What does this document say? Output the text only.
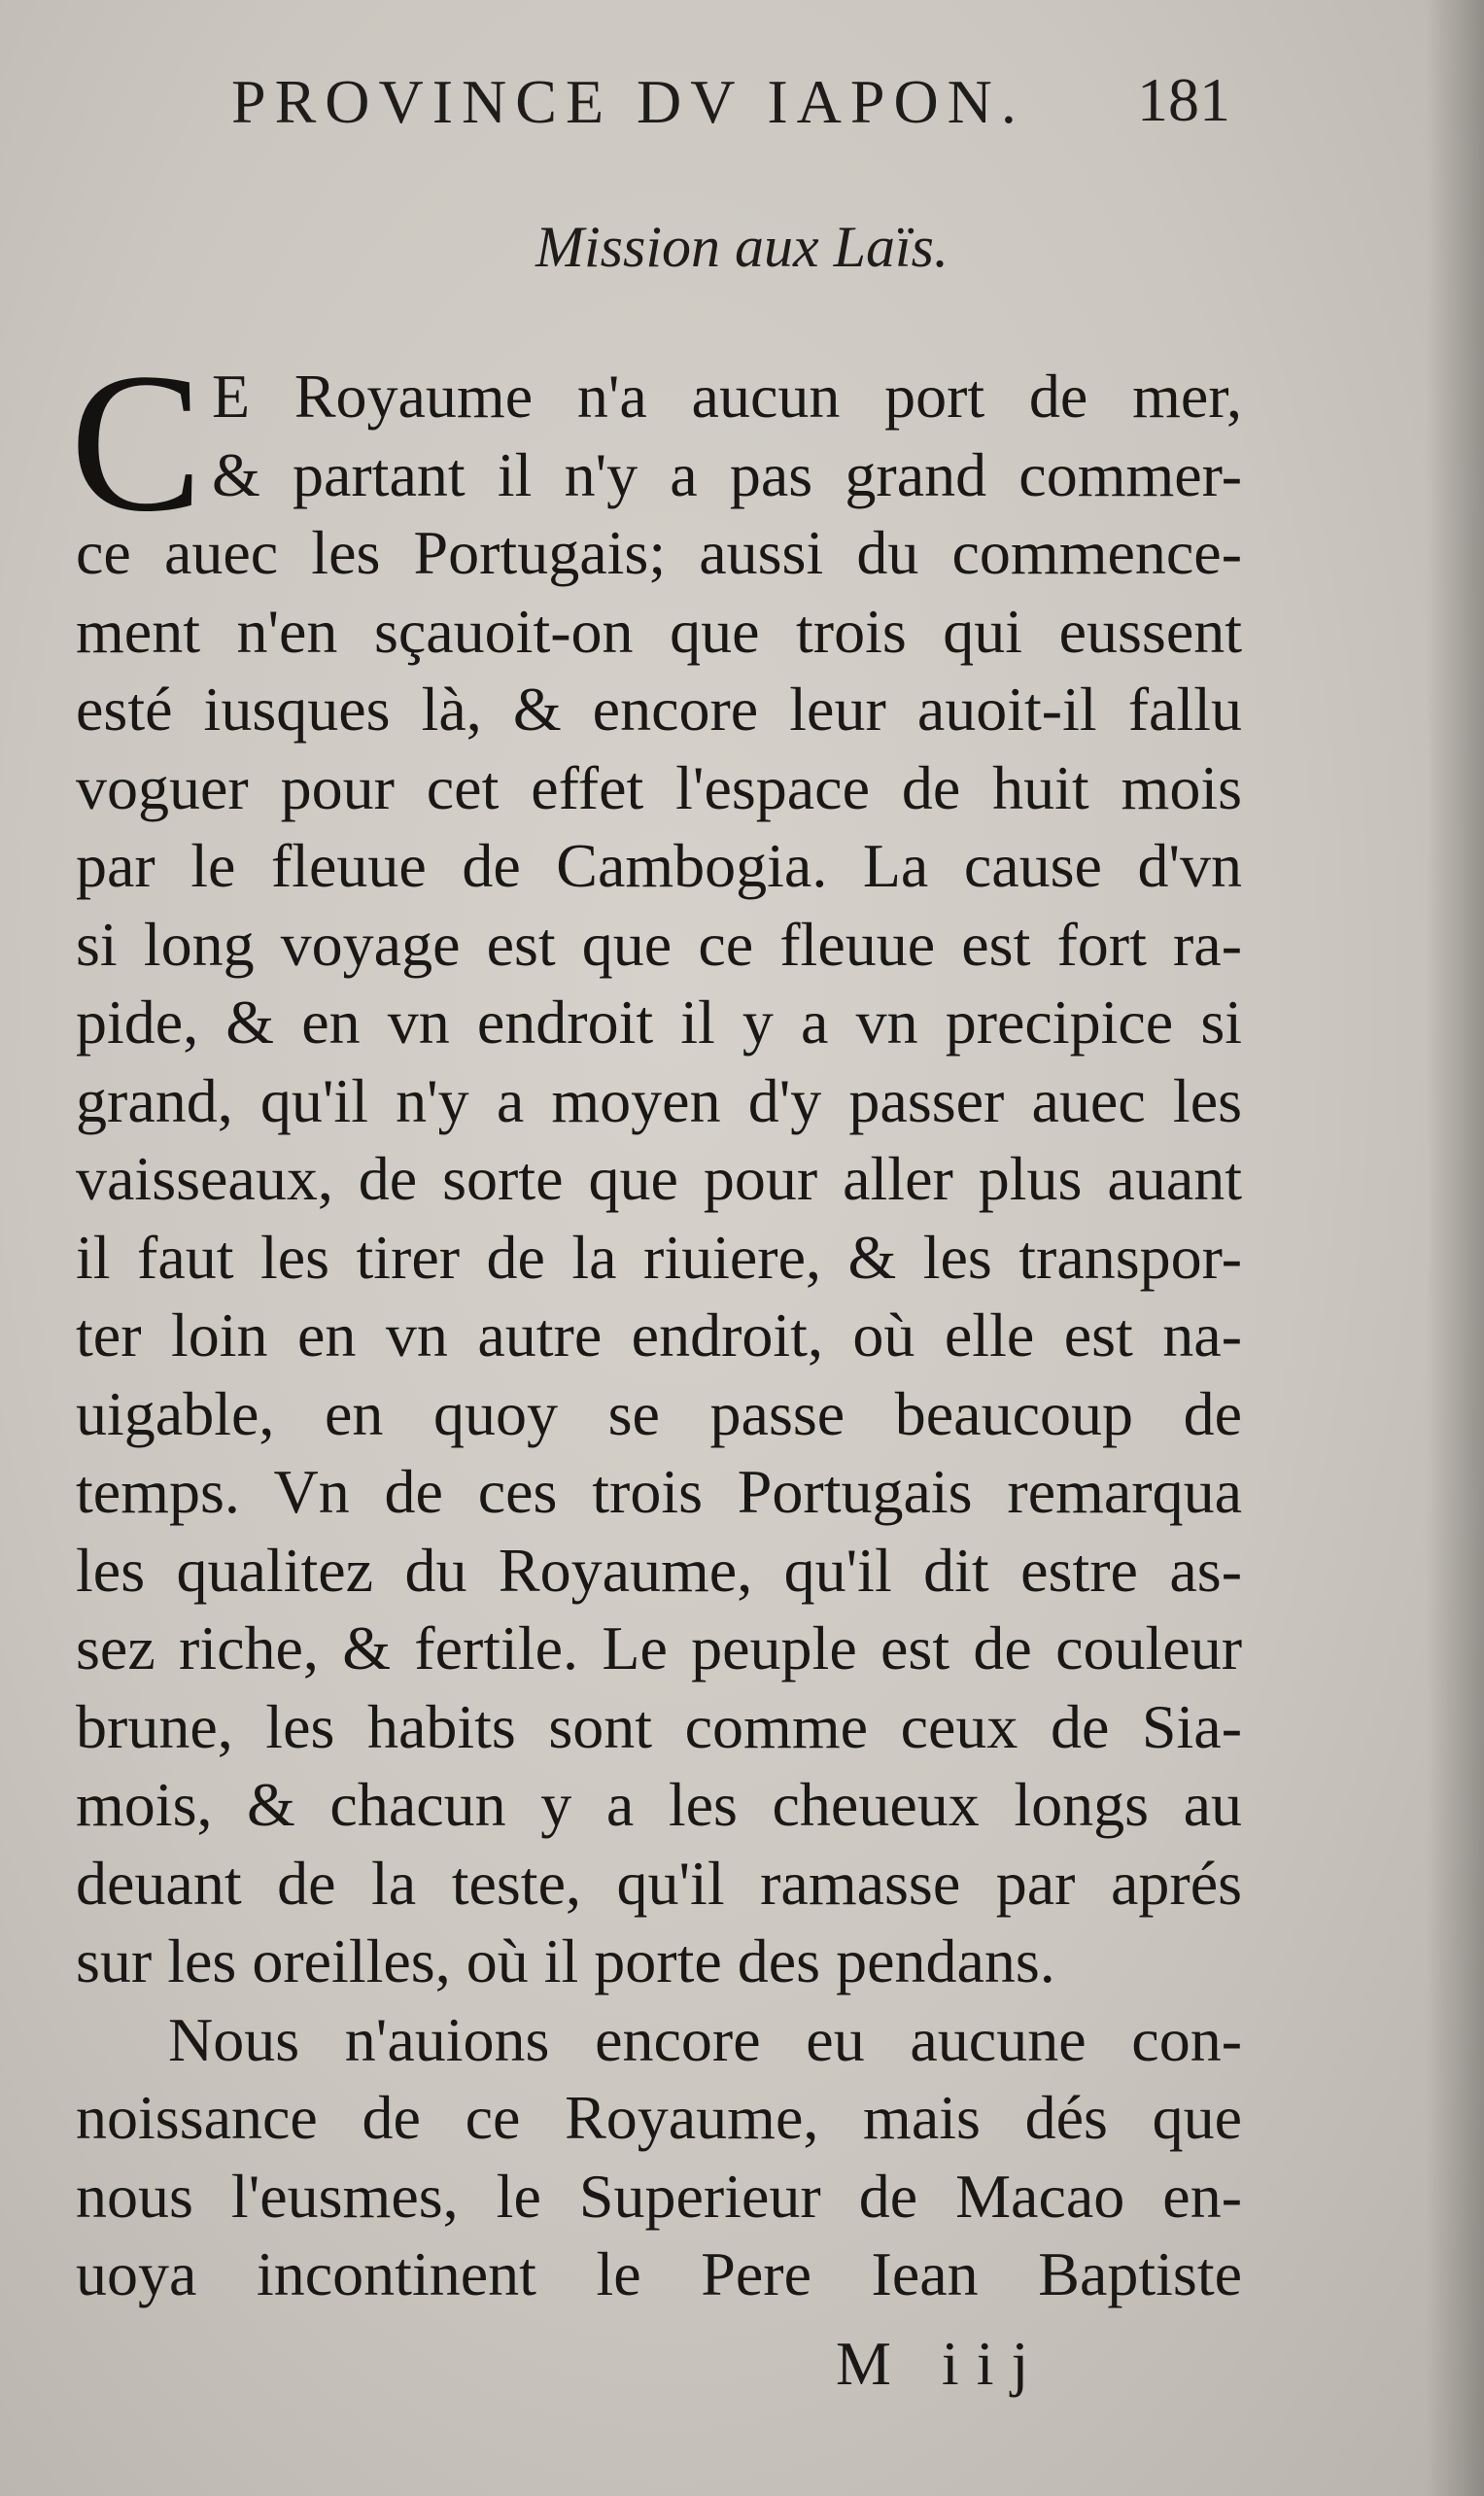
PROVINCE DV IAPON. 181
Mission aux Laïs.
C E Royaume n'a aucun port de mer,
& partant il n'y a pas grand commer-
ce auec les Portugais; aussi du commence-
ment n'en sçauoit-on que trois qui eussent
esté iusques là, & encore leur auoit-il fallu
voguer pour cet effet l'espace de huit mois
par le fleuue de Cambogia. La cause d'vn
si long voyage est que ce fleuue est fort ra-
pide, & en vn endroit il y a vn precipice si
grand, qu'il n'y a moyen d'y passer auec les
vaisseaux, de sorte que pour aller plus auant
il faut les tirer de la riuiere, & les transpor-
ter loin en vn autre endroit, où elle est na-
uigable, en quoy se passe beaucoup de
temps. Vn de ces trois Portugais remarqua
les qualitez du Royaume, qu'il dit estre as-
sez riche, & fertile. Le peuple est de couleur
brune, les habits sont comme ceux de Sia-
mois, & chacun y a les cheueux longs au
deuant de la teste, qu'il ramasse par aprés
sur les oreilles, où il porte des pendans.
Nous n'auions encore eu aucune con-
noissance de ce Royaume, mais dés que
nous l'eusmes, le Superieur de Macao en-
uoya incontinent le Pere Iean Baptiste
M iij
